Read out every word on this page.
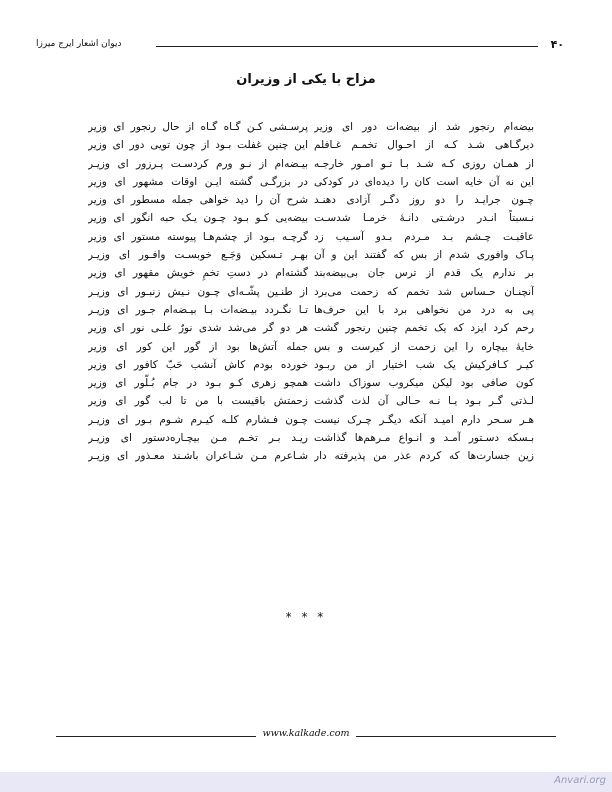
دیوان اشعار ایرج میرزا	۴۰
مزاح با یکی از وزیران
بیضه‌ام رنجور شد از بیضه‌ات دور ای وزیر
دیرگـاهی شـد کـه از احـوال تخمـم غـافلم
از همـان روزی کـه شـد بـا تـو امـور خارجـه
این نه آن خایه است کان را دیده‌ای در کودکی
چـون جرایـد را دو روز دگـر آزادی دهنـد
نـسبتاً انـدر درشـتی دانـهٔ خرمـا شدسـت
عاقبـت چـشم بـد مـردم بـدو آسـیب زد
پـاک وافوری شدم از بس که گفتند این و آن
بر ندارم یک قدم از ترس جان بی‌بیضه‌بند
آنچنـان حـساس شد تخمم که زحمت می‌برد
پی به درد من نخواهی برد با این حرف‌ها
رحم کرد ایزد که یک تخمم چنین رنجور گشت
خایهٔ بیچاره را این زحمت از کیرست و بس
کیـر کـافرکیش یک شب اختیار از من ربـود
کون صافی بود لیکن میکروب سوزاک داشت
لـذتی گـر بـود یـا نـه حـالی آن لذت گذشت
هـر سـحر دارم امیـد آنکه دیگـر چـرک نیست
بـسکه دسـتور آمـد و انـواع مـرهم‌ها گذاشت
زین جسارت‌ها که کردم عذر من پذیرفته دار
پرسـشی کـن گـاه گـاه از حال رنجور ای وزیر
این چنین غفلت بـود از چون تویی دور ای وزیر
بیـضه‌ام از نـو ورم کردسـت پـرزور ای وزیـر
در بزرگـی گشته ایـن اوقات مشهور ای وزیر
شرح آن را دید خواهی جمله مسطور ای وزیر
بیضه‌یی کـو بـود چـون یـک حبه انگور ای وزیر
گرچـه بـود از چشم‌هـا پیوسته مستور ای وزیر
بهـر تـسکین وَجَـع خوبسـت وافـور ای وزیـر
گشته‌ام در دستِ تخمِ خویش مقهور ای وزیر
از طنـین پشّـه‌ای چـون نـیش زنبـور ای وزیـر
تـا نگـردد بیـضه‌ات بـا بیـضه‌ام جـور ای وزیـر
هر دو گر می‌شد شدی نورٌ علـی نور ای وزیر
جمله آتش‌ها بود از گور این کور ای وزیر
خورده بودم کاش آنشب حَبّ کافور ای وزیر
همچو زهری کـو بـود در جام بُـلّور ای وزیر
زحمتش باقیست با من تا لب گور ای وزیر
چـون فـشارم کلـه کیـرم شـوم بـور ای وزیـر
ریـد بـر تخـم مـن بیچـاره‌دستور ای وزیـر
شـاعرم مـن شـاعران باشـند معـذور ای وزیـر
* * *
www.kalkade.com
Anvari.org
